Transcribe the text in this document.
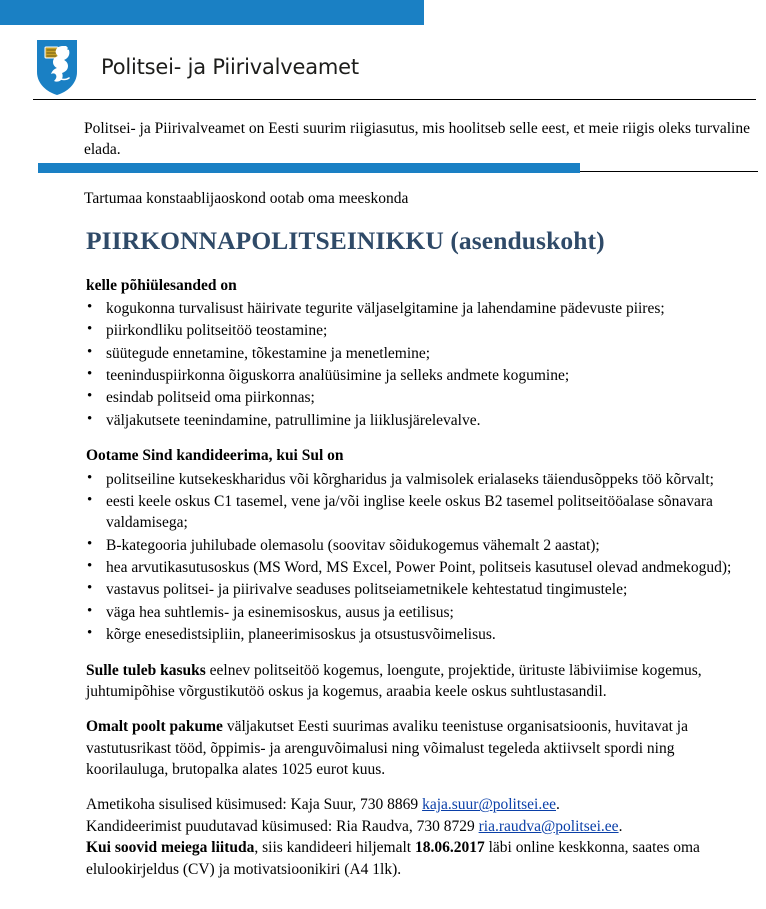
Politsei- ja Piirivalveamet
Politsei- ja Piirivalveamet on Eesti suurim riigiasutus, mis hoolitseb selle eest, et meie riigis oleks turvaline elada.

Tartumaa konstaablijaoskond ootab oma meeskonda

PIIRKONNAPOLITSEINIKKU (asenduskoht)

kelle põhiülesanded on

• kogukonna turvalisust häirivate tegurite väljaselgitamine ja lahendamine pädevuste piires;
• piirkondliku politseitöö teostamine;
• süütegude ennetamine, tõkestamine ja menetlemine;
• teeninduspiirkonna õiguskorra analüüsimine ja selleks andmete kogumine;
• esindab politseid oma piirkonnas;
• väljakutsete teenindamine, patrullimine ja liiklusjärelevalve.

Ootame Sind kandideerima, kui Sul on

• politseiline kutsekeskharidus või kõrgharidus ja valmisolek erialaseks täiendusõppeks töö kõrvalt;
• eesti keele oskus C1 tasemel, vene ja/või inglise keele oskus B2 tasemel politseitööalase sõnavara valdamisega;
• B-kategooria juhilubade olemasolu (soovitav sõidukogemus vähemalt 2 aastat);
• hea arvutikasutusoskus (MS Word, MS Excel, Power Point, politseis kasutusel olevad andmekogud);
• vastavus politsei- ja piirivalve seaduses politseiametnikele kehtestatud tingimustele;
• väga hea suhtlemis- ja esinemisoskus, ausus ja eetilisus;
• kõrge enesedistsipliin, planeerimisoskus ja otsustusvõimelisus.

Sulle tuleb kasuks eelnev politseitöö kogemus, loengute, projektide, ürituste läbiviimise kogemus, juhtumipõhise võrgustikutöö oskus ja kogemus, araabia keele oskus suhtlustasandil.

Omalt poolt pakume väljakutset Eesti suurimas avaliku teenistuse organisatsioonis, huvitavat ja vastutusrikast tööd, õppimis- ja arenguvõimalusi ning võimalust tegeleda aktiivselt spordi ning koorilauluga, brutopalka alates 1025 eurot kuus.

Ametikoha sisulised küsimused: Kaja Suur, 730 8869 kaja.suur@politsei.ee.
Kandideerimist puudutavad küsimused: Ria Raudva, 730 8729 ria.raudva@politsei.ee.
Kui soovid meiega liituda, siis kandideeri hiljemalt 18.06.2017 läbi online keskkonna, saates oma elulookirjeldus (CV) ja motivatsioonikiri (A4 1lk).
